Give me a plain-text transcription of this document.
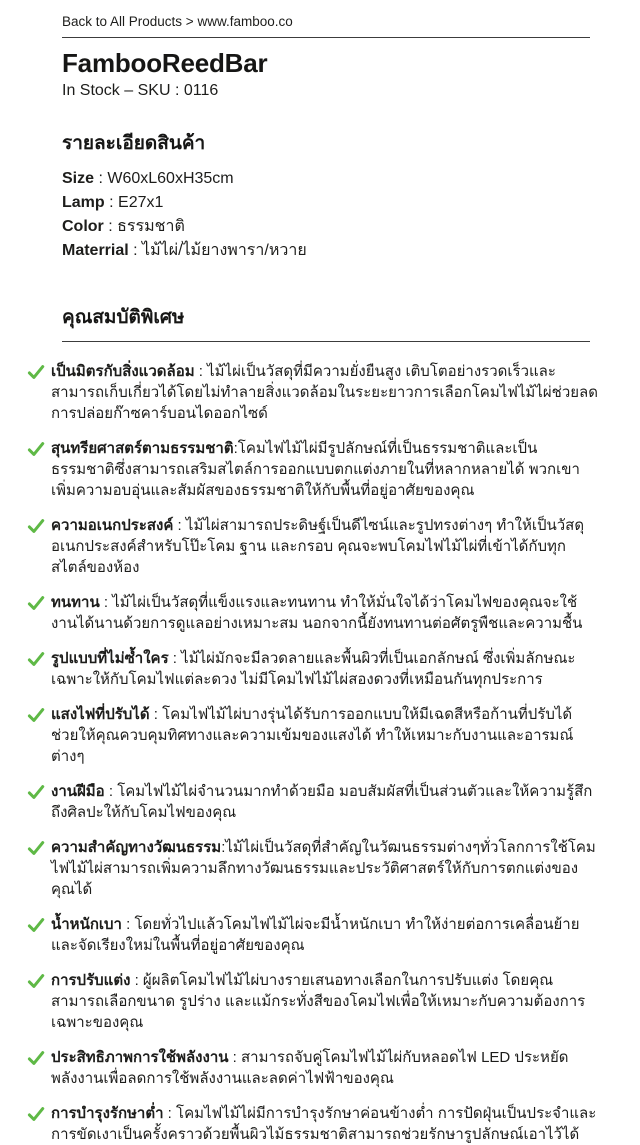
Back to All Products > www.famboo.co
FambooReedBar
In Stock – SKU : 0116
รายละเอียดสินค้า
Size : W60xL60xH35cm
Lamp : E27x1
Color : ธรรมชาติ
Materrial : ไม้ไผ่/ไม้ยางพารา/หวาย
คุณสมบัติพิเศษ
เป็นมิตรกับสิ่งแวดล้อม : ไม้ไผ่เป็นวัสดุที่มีความยั่งยืนสูง เติบโตอย่างรวดเร็วและสามารถเก็บเกี่ยวได้โดยไม่ทำลายสิ่งแวดล้อมในระยะยาวการเลือกโคมไฟไม้ไผ่ช่วยลดการปล่อยก๊าซคาร์บอนไดออกไซด์
สุนทรียศาสตร์ตามธรรมชาติ:โคมไฟไม้ไผ่มีรูปลักษณ์ที่เป็นธรรมชาติและเป็นธรรมชาติซึ่งสามารถเสริมสไตล์การออกแบบตกแต่งภายในที่หลากหลายได้ พวกเขาเพิ่มความอบอุ่นและสัมผัสของธรรมชาติให้กับพื้นที่อยู่อาศัยของคุณ
ความอเนกประสงค์ : ไม้ไผ่สามารถประดิษฐ์เป็นดีไซน์และรูปทรงต่างๆ ทำให้เป็นวัสดุอเนกประสงค์สำหรับโป๊ะโคม ฐาน และกรอบ คุณจะพบโคมไฟไม้ไผ่ที่เข้าได้กับทุกสไตล์ของห้อง
ทนทาน : ไม้ไผ่เป็นวัสดุที่แข็งแรงและทนทาน ทำให้มั่นใจได้ว่าโคมไฟของคุณจะใช้งานได้นานด้วยการดูแลอย่างเหมาะสม นอกจากนี้ยังทนทานต่อศัตรูพืชและความชื้น
รูปแบบที่ไม่ซ้ำใคร : ไม้ไผ่มักจะมีลวดลายและพื้นผิวที่เป็นเอกลักษณ์ ซึ่งเพิ่มลักษณะเฉพาะให้กับโคมไฟแต่ละดวง ไม่มีโคมไฟไม้ไผ่สองดวงที่เหมือนกันทุกประการ
แสงไฟที่ปรับได้ : โคมไฟไม้ไผ่บางรุ่นได้รับการออกแบบให้มีเฉดสีหรือก้านที่ปรับได้ ช่วยให้คุณควบคุมทิศทางและความเข้มของแสงได้ ทำให้เหมาะกับงานและอารมณ์ต่างๆ
งานฝีมือ : โคมไฟไม้ไผ่จำนวนมากทำด้วยมือ มอบสัมผัสที่เป็นส่วนตัวและให้ความรู้สึกถึงศิลปะให้กับโคมไฟของคุณ
ความสำคัญทางวัฒนธรรม:ไม้ไผ่เป็นวัสดุที่สำคัญในวัฒนธรรมต่างๆทั่วโลกการใช้โคมไฟไม้ไผ่สามารถเพิ่มความลึกทางวัฒนธรรมและประวัติศาสตร์ให้กับการตกแต่งของคุณได้
น้ำหนักเบา : โดยทั่วไปแล้วโคมไฟไม้ไผ่จะมีน้ำหนักเบา ทำให้ง่ายต่อการเคลื่อนย้ายและจัดเรียงใหม่ในพื้นที่อยู่อาศัยของคุณ
การปรับแต่ง : ผู้ผลิตโคมไฟไม้ไผ่บางรายเสนอทางเลือกในการปรับแต่ง โดยคุณสามารถเลือกขนาด รูปร่าง และแม้กระทั่งสีของโคมไฟเพื่อให้เหมาะกับความต้องการเฉพาะของคุณ
ประสิทธิภาพการใช้พลังงาน : สามารถจับคู่โคมไฟไม้ไผ่กับหลอดไฟ LED ประหยัดพลังงานเพื่อลดการใช้พลังงานและลดค่าไฟฟ้าของคุณ
การบำรุงรักษาต่ำ : โคมไฟไม้ไผ่มีการบำรุงรักษาค่อนข้างต่ำ การปัดฝุ่นเป็นประจำและการขัดเงาเป็นครั้งคราวด้วยพื้นผิวไม้ธรรมชาติสามารถช่วยรักษารูปลักษณ์เอาไว้ได้
